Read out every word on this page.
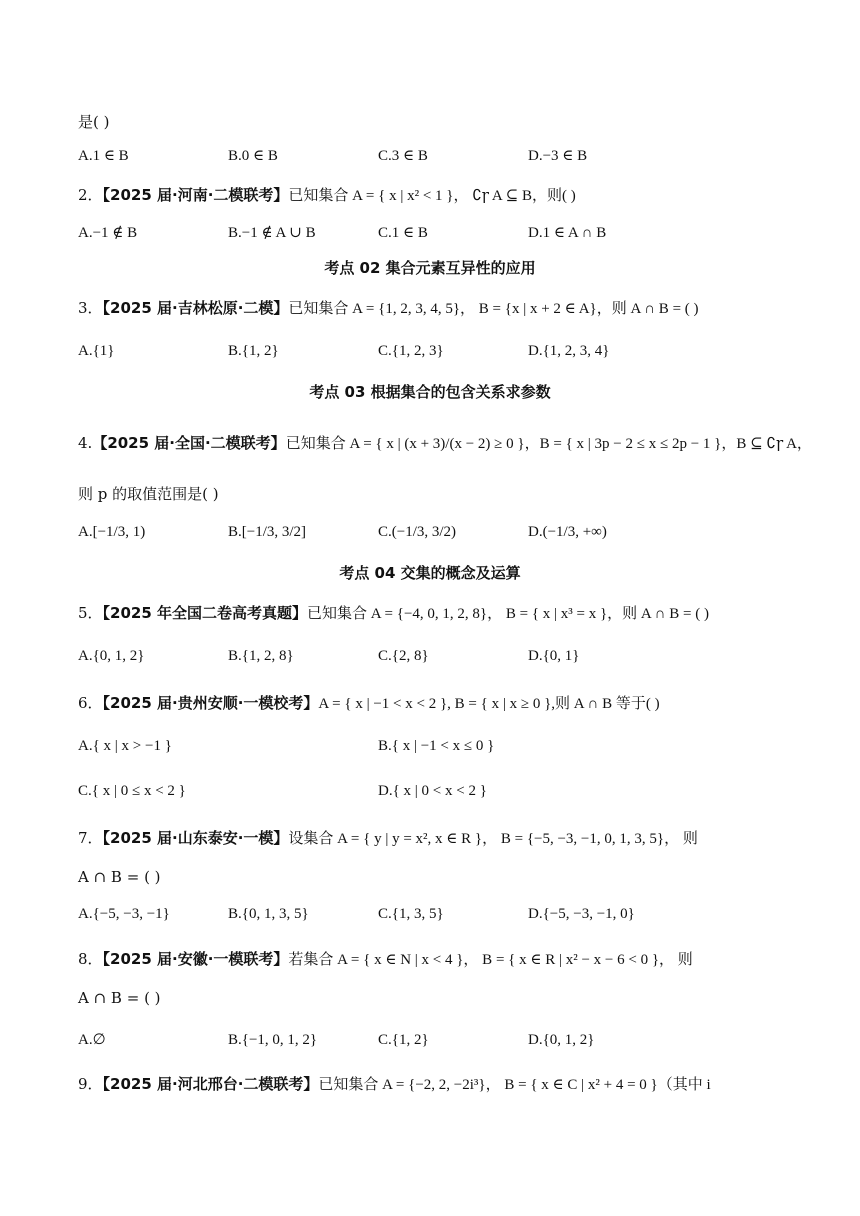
是( )
A.1 ∈ B	B.0 ∈ B	C.3 ∈ B	D.−3 ∈ B
2．【2025 届·河南·二模联考】已知集合 A = { x | x² < 1 }， ∁ꞅ A ⊆ B，则( )
A.−1 ∉ B	B.−1 ∉ A ∪ B	C.1 ∈ B	D.1 ∈ A ∩ B
考点 02 集合元素互异性的应用
3．【2025 届·吉林松原·二模】已知集合 A = {1, 2, 3, 4, 5}， B = {x | x + 2 ∈ A}，则 A ∩ B = ( )
A.{1}	B.{1, 2}	C.{1, 2, 3}	D.{1, 2, 3, 4}
考点 03 根据集合的包含关系求参数
4.【2025 届·全国·二模联考】已知集合 A = { x | (x + 3)/(x − 2) ≥ 0 }，B = { x | 3p − 2 ≤ x ≤ 2p − 1 }，B ⊆ ∁ꞅ A，
则 p 的取值范围是( )
A.[−1/3, 1)	B.[−1/3, 3/2]	C.(−1/3, 3/2)	D.(−1/3, +∞)
考点 04 交集的概念及运算
5．【2025 年全国二卷高考真题】已知集合 A = {−4, 0, 1, 2, 8}， B = { x | x³ = x }，则 A ∩ B = ( )
A.{0, 1, 2}	B.{1, 2, 8}	C.{2, 8}	D.{0, 1}
6．【2025 届·贵州安顺·一模校考】A = { x | −1 < x < 2 }, B = { x | x ≥ 0 },则 A ∩ B 等于( )
A.{ x | x > −1 }	B.{ x | −1 < x ≤ 0 }
C.{ x | 0 ≤ x < 2 }	D.{ x | 0 < x < 2 }
7．【2025 届·山东泰安·一模】设集合 A = { y | y = x², x ∈ R }， B = {−5, −3, −1, 0, 1, 3, 5}， 则
A ∩ B = ( )
A.{−5, −3, −1}	B.{0, 1, 3, 5}	C.{1, 3, 5}	D.{−5, −3, −1, 0}
8．【2025 届·安徽·一模联考】若集合 A = { x ∈ N | x < 4 }， B = { x ∈ R | x² − x − 6 < 0 }， 则
A ∩ B = ( )
A.∅	B.{−1, 0, 1, 2}	C.{1, 2}	D.{0, 1, 2}
9．【2025 届·河北邢台·二模联考】已知集合 A = {−2, 2, −2i³}， B = { x ∈ C | x² + 4 = 0 }（其中 i
